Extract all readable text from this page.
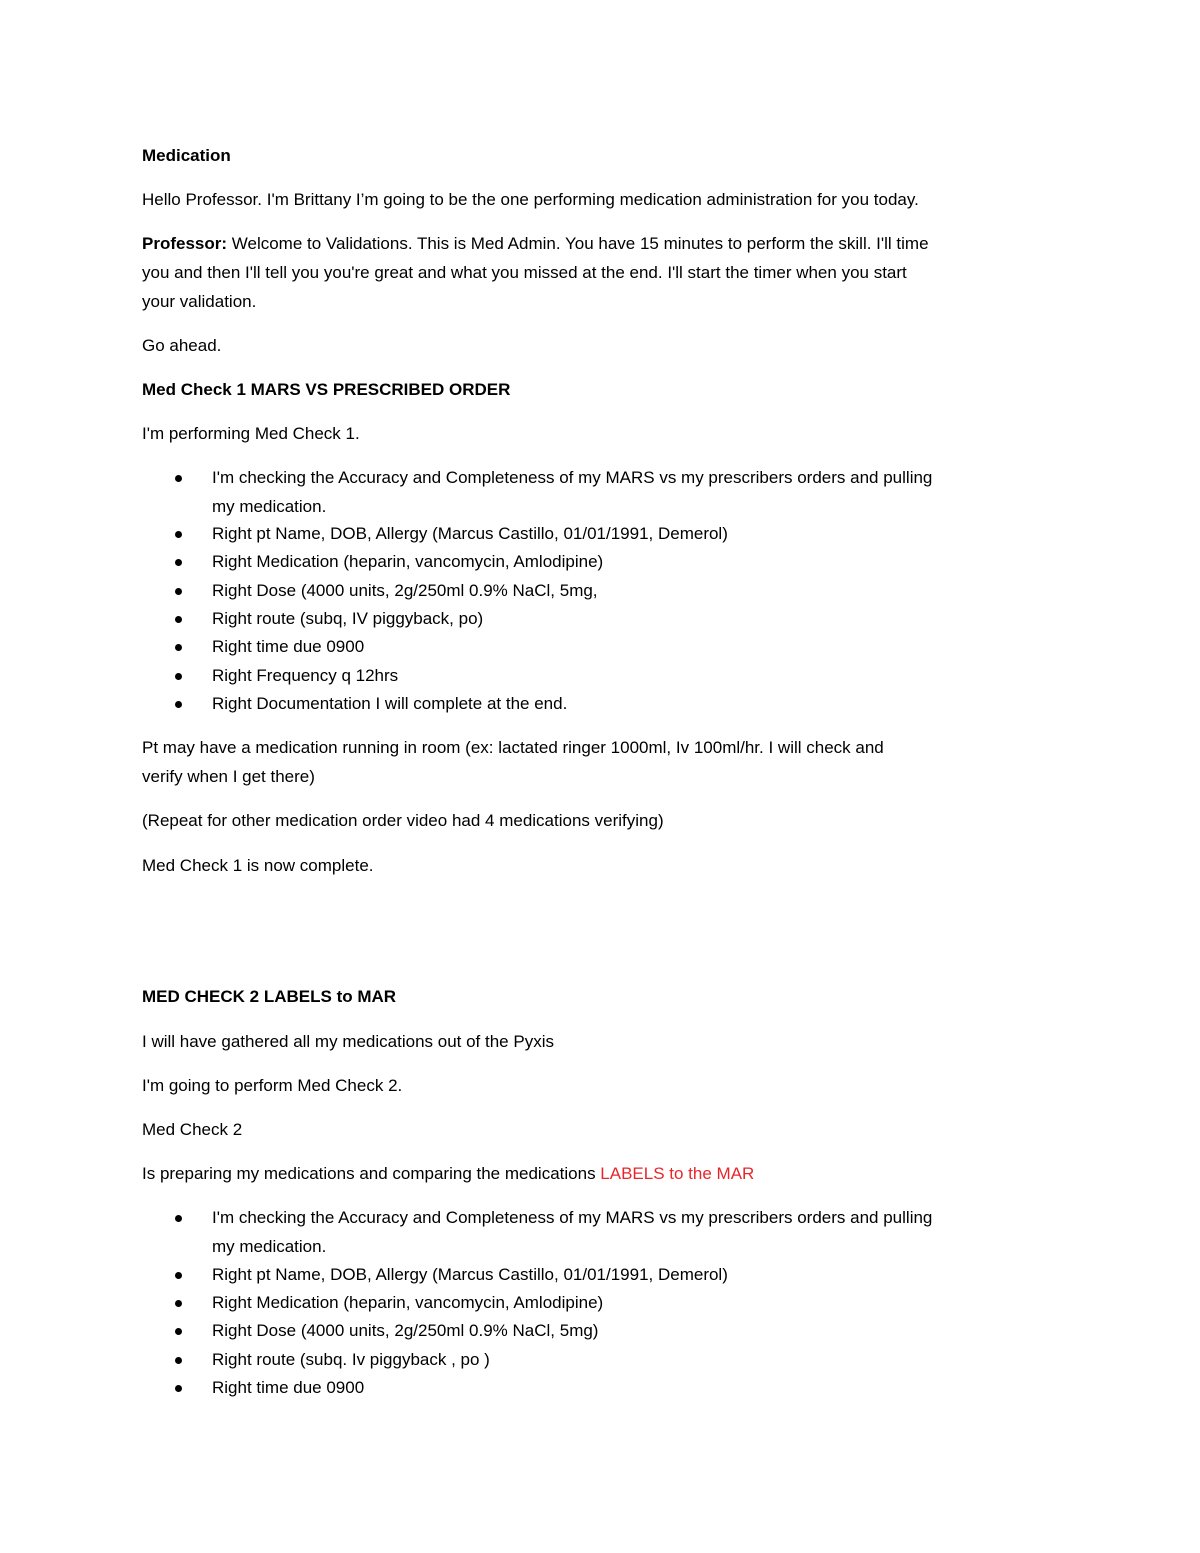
Medication
Hello Professor. I'm Brittany I’m going to be the one performing medication administration for you today.
Professor: Welcome to Validations. This is Med Admin. You have 15 minutes to perform the skill. I'll time
you and then I'll tell you you're great and what you missed at the end. I'll start the timer when you start
your validation.
Go ahead.
Med Check 1 MARS VS PRESCRIBED ORDER
I'm performing Med Check 1.
I'm checking the Accuracy and Completeness of my MARS vs my prescribers orders and pulling
my medication.
Right pt Name, DOB, Allergy (Marcus Castillo, 01/01/1991, Demerol)
Right Medication (heparin, vancomycin, Amlodipine)
Right Dose (4000 units, 2g/250ml 0.9% NaCl, 5mg,
Right route (subq, IV piggyback, po)
Right time due 0900
Right Frequency q 12hrs
Right Documentation I will complete at the end.
Pt may have a medication running in room (ex: lactated ringer 1000ml, Iv 100ml/hr. I will check and
verify when I get there)
(Repeat for other medication order video had 4 medications verifying)
Med Check 1 is now complete.
MED CHECK 2 LABELS to MAR
I will have gathered all my medications out of the Pyxis
I'm going to perform Med Check 2.
Med Check 2
Is preparing my medications and comparing the medications LABELS to the MAR
I'm checking the Accuracy and Completeness of my MARS vs my prescribers orders and pulling
my medication.
Right pt Name, DOB, Allergy (Marcus Castillo, 01/01/1991, Demerol)
Right Medication (heparin, vancomycin, Amlodipine)
Right Dose (4000 units, 2g/250ml 0.9% NaCl, 5mg)
Right route (subq. Iv piggyback , po )
Right time due 0900
